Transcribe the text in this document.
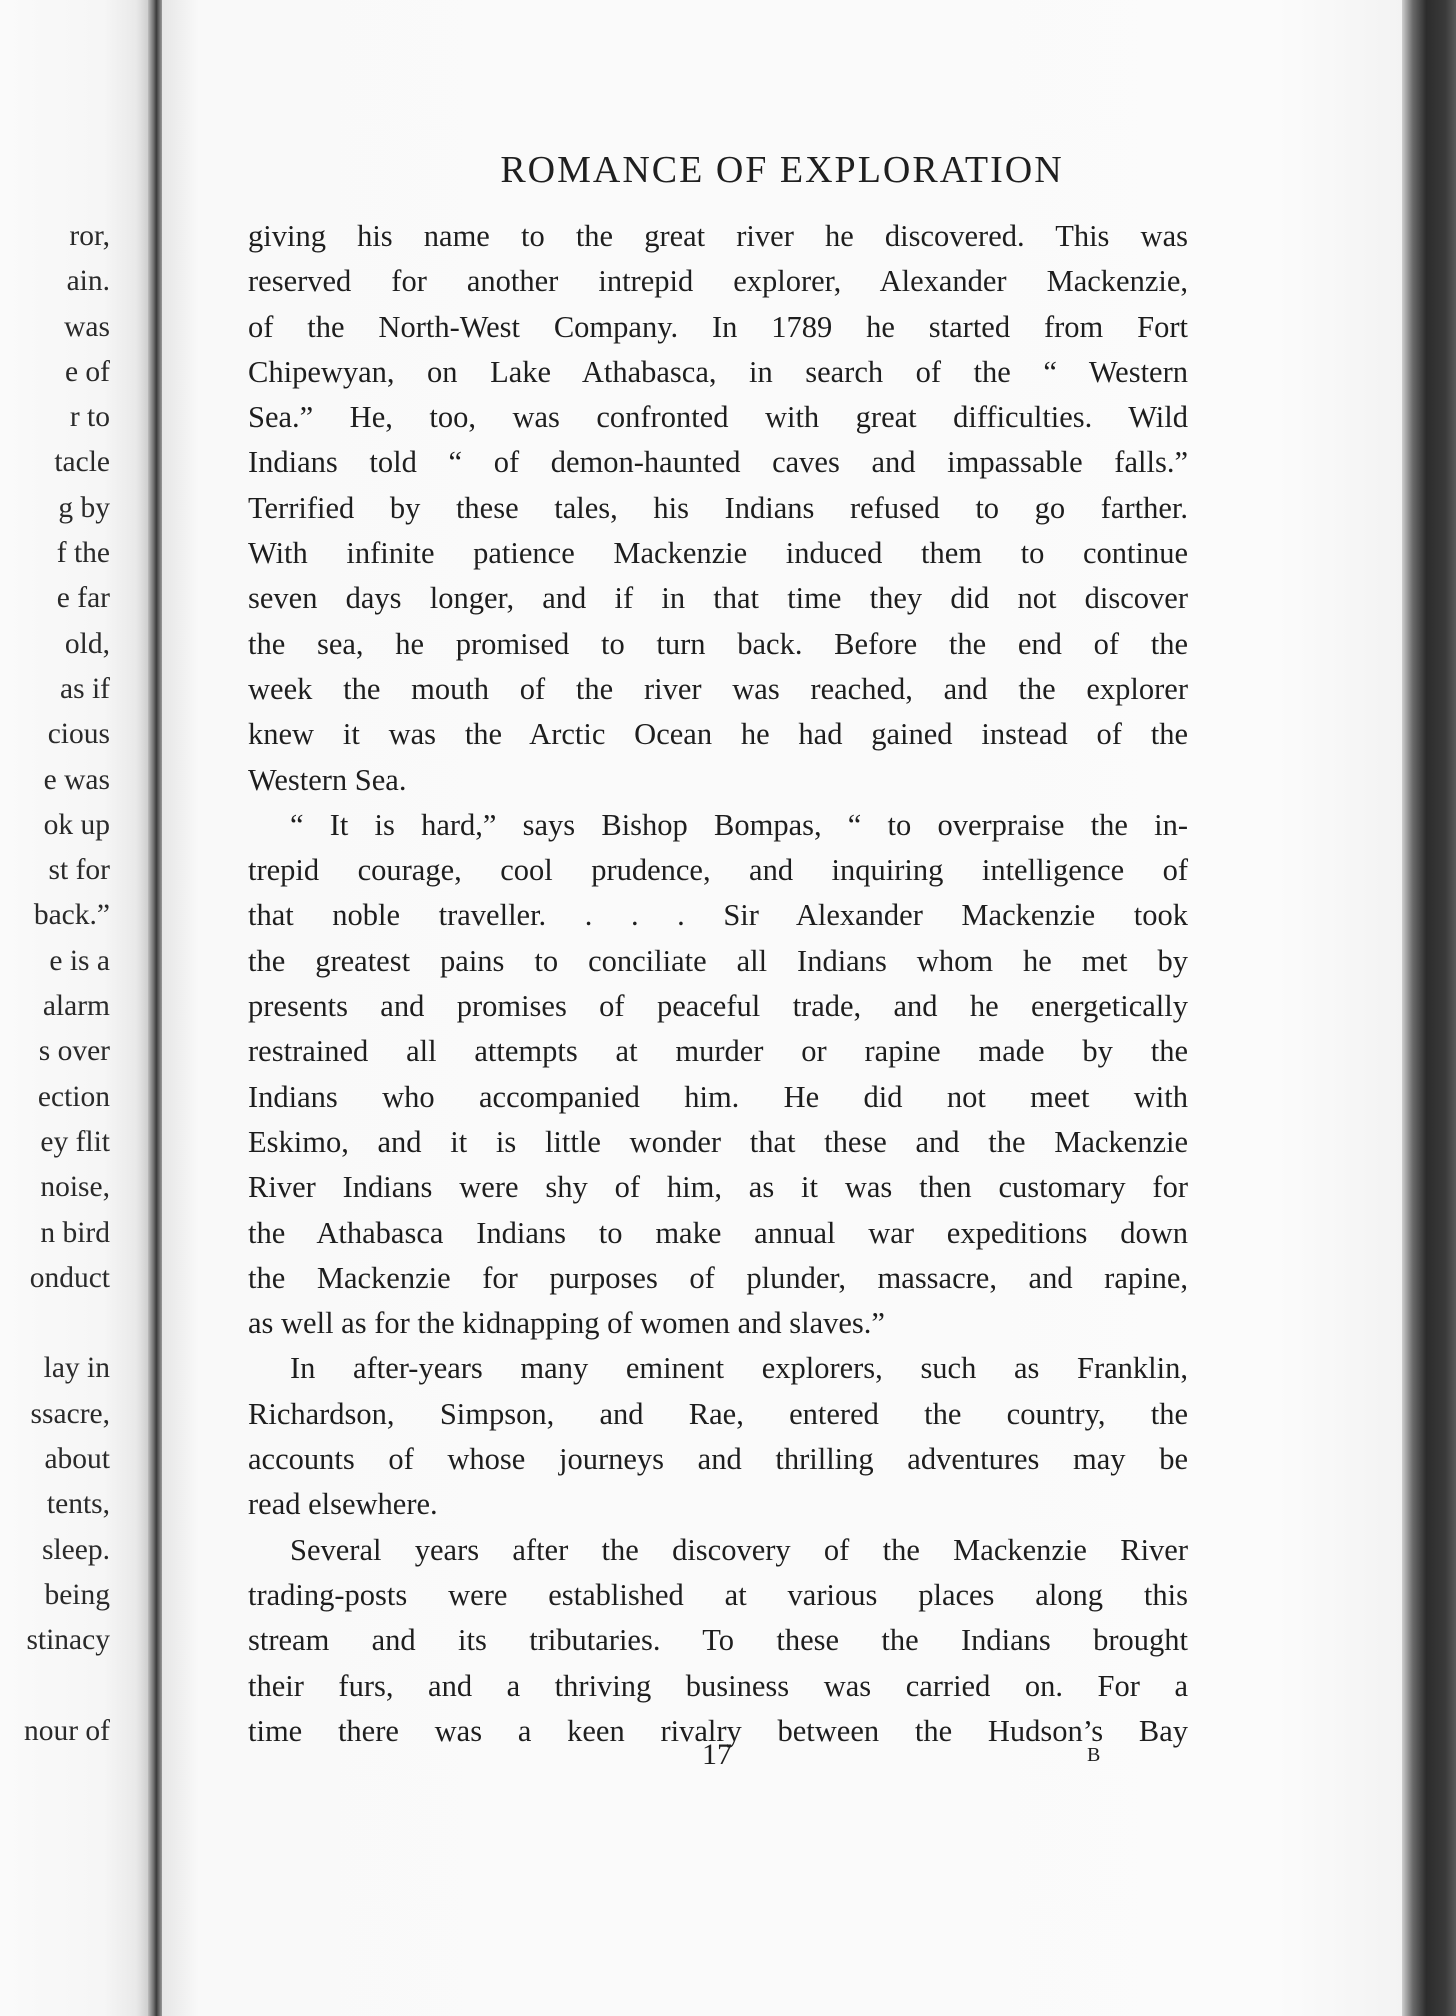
ror,
ain.
was
e of
r to
tacle
g by
f the
e far
old,
as if
cious
e was
ok up
st for
back.”
e is a
alarm
s over
ection
ey flit
noise,
n bird
onduct
lay in
ssacre,
about
tents,
sleep.
being
stinacy
nour of
ROMANCE OF EXPLORATION
giving his name to the great river he discovered. This was
reserved for another intrepid explorer, Alexander Mackenzie,
of the North-West Company. In 1789 he started from Fort
Chipewyan, on Lake Athabasca, in search of the “ Western
Sea.” He, too, was confronted with great difficulties. Wild
Indians told “ of demon-haunted caves and impassable falls.”
Terrified by these tales, his Indians refused to go farther.
With infinite patience Mackenzie induced them to continue
seven days longer, and if in that time they did not discover
the sea, he promised to turn back. Before the end of the
week the mouth of the river was reached, and the explorer
knew it was the Arctic Ocean he had gained instead of the
Western Sea.
“ It is hard,” says Bishop Bompas, “ to overpraise the in-
trepid courage, cool prudence, and inquiring intelligence of
that noble traveller. . . . Sir Alexander Mackenzie took
the greatest pains to conciliate all Indians whom he met by
presents and promises of peaceful trade, and he energetically
restrained all attempts at murder or rapine made by the
Indians who accompanied him. He did not meet with
Eskimo, and it is little wonder that these and the Mackenzie
River Indians were shy of him, as it was then customary for
the Athabasca Indians to make annual war expeditions down
the Mackenzie for purposes of plunder, massacre, and rapine,
as well as for the kidnapping of women and slaves.”
In after-years many eminent explorers, such as Franklin,
Richardson, Simpson, and Rae, entered the country, the
accounts of whose journeys and thrilling adventures may be
read elsewhere.
Several years after the discovery of the Mackenzie River
trading-posts were established at various places along this
stream and its tributaries. To these the Indians brought
their furs, and a thriving business was carried on. For a
time there was a keen rivalry between the Hudson’s Bay
17	B
